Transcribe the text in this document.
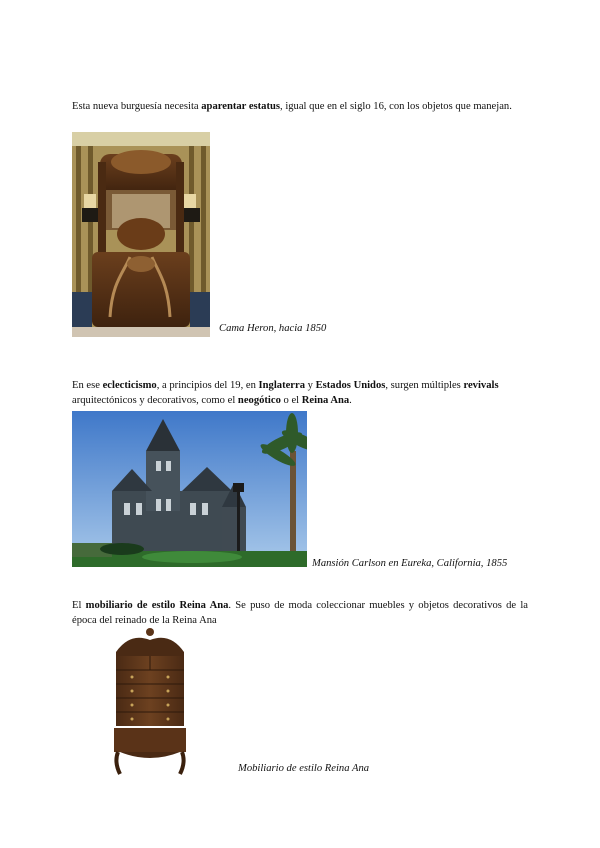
Esta nueva burguesía necesita aparentar estatus, igual que en el siglo 16, con los objetos que manejan.

Cama Heron, hacia 1850

En ese eclecticismo, a principios del 19, en Inglaterra y Estados Unidos, surgen múltiples revivals arquitectónicos y decorativos, como el neogótico o el Reina Ana.

Mansión Carlson en Eureka, California, 1855

El mobiliario de estilo Reina Ana. Se puso de moda coleccionar muebles y objetos decorativos de la época del reinado de la Reina Ana

Mobiliario de estilo Reina Ana
